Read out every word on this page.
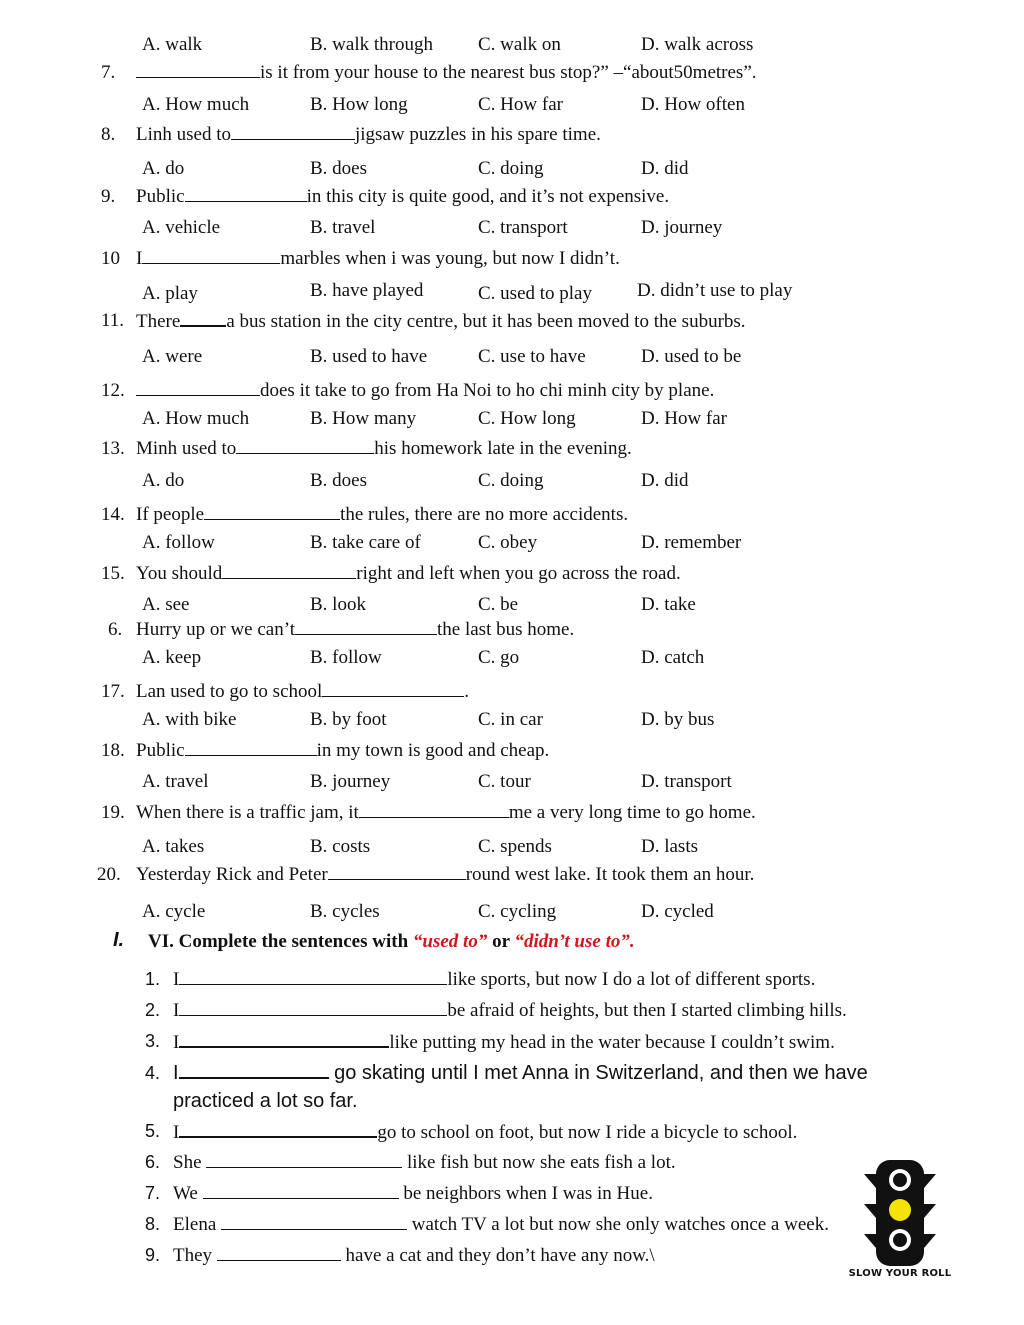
A. walk	B. walk through C. walk on	D. walk across
7.	is it from your house to the nearest bus stop?” –“about50metres”.
A. How much	B. How long	C. How far	D. How often
8. Linh used to	jigsaw puzzles in his spare time.
A. do	B. does	C. doing	D. did
9. Public	in this city is quite good, and it’s not expensive.
A. vehicle	B. travel	C. transport	D. journey
10 I	marbles when i was young, but now I didn’t.
A. play	B. have played	C. used to play D. didn’t use to play
11. There a bus station in the city centre, but it has been moved to the suburbs.
A. were	B. used to have	C. use to have	D. used to be
12.	does it take to go from Ha Noi to ho chi minh city by plane.
A. How much	B. How many	C. How long	D. How far
13. Minh used to	his homework late in the evening.
A. do	B. does	C. doing	D. did
14. If people	the rules, there are no more accidents.
A. follow	B. take care of	C. obey	D. remember
15. You should	right and left when you go across the road.
A. see	B. look	C. be	D. take
6. Hurry up or we can’t	the last bus home.
A. keep	B. follow	C. go	D. catch
17. Lan used to go to school	.
A. with bike	B. by foot	C. in car	D. by bus
18. Public	in my town is good and cheap.
A. travel	B. journey	C. tour	D. transport
19. When there is a traffic jam, it	me a very long time to go home.
A. takes	B. costs	C. spends	D. lasts
20. Yesterday Rick and Peter	round west lake. It took them an hour.
A. cycle	B. cycles	C. cycling	D. cycled
I. VI. Complete the sentences with “used to” or “didn’t use to”.
1. I	like sports, but now I do a lot of different sports.
2. I	be afraid of heights, but then I started climbing hills.
3. I	like putting my head in the water because I couldn’t swim.
4. I	go skating until I met Anna in Switzerland, and then we have
practiced a lot so far.
5. I	go to school on foot, but now I ride a bicycle to school.
6. She	like fish but now she eats fish a lot.
7. We	be neighbors when I was in Hue.
8. Elena	watch TV a lot but now she only watches once a week.
9. They	have a cat and they don’t have any now.\
SLOW YOUR ROLL
